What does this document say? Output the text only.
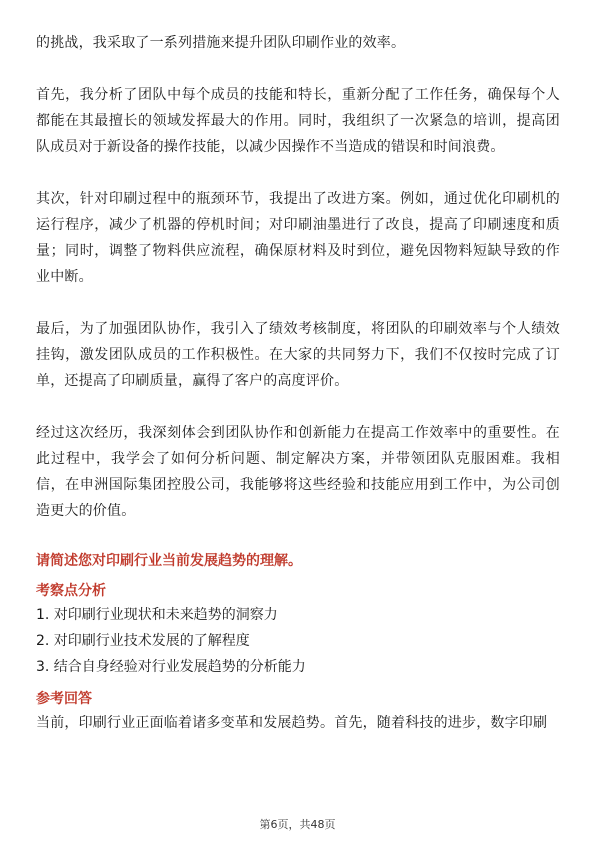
的挑战，我采取了一系列措施来提升团队印刷作业的效率。

首先，我分析了团队中每个成员的技能和特长，重新分配了工作任务，确保每个人都能在其最擅长的领域发挥最大的作用。同时，我组织了一次紧急的培训，提高团队成员对于新设备的操作技能，以减少因操作不当造成的错误和时间浪费。

其次，针对印刷过程中的瓶颈环节，我提出了改进方案。例如，通过优化印刷机的运行程序，减少了机器的停机时间；对印刷油墨进行了改良，提高了印刷速度和质量；同时，调整了物料供应流程，确保原材料及时到位，避免因物料短缺导致的作业中断。

最后，为了加强团队协作，我引入了绩效考核制度，将团队的印刷效率与个人绩效挂钩，激发团队成员的工作积极性。在大家的共同努力下，我们不仅按时完成了订单，还提高了印刷质量，赢得了客户的高度评价。

经过这次经历，我深刻体会到团队协作和创新能力在提高工作效率中的重要性。在此过程中，我学会了如何分析问题、制定解决方案，并带领团队克服困难。我相信，在申洲国际集团控股公司，我能够将这些经验和技能应用到工作中，为公司创造更大的价值。

请简述您对印刷行业当前发展趋势的理解。

考察点分析

1. 对印刷行业现状和未来趋势的洞察力
2. 对印刷行业技术发展的了解程度
3. 结合自身经验对行业发展趋势的分析能力

参考回答

当前，印刷行业正面临着诸多变革和发展趋势。首先，随着科技的进步，数字印刷

第6页，共48页
